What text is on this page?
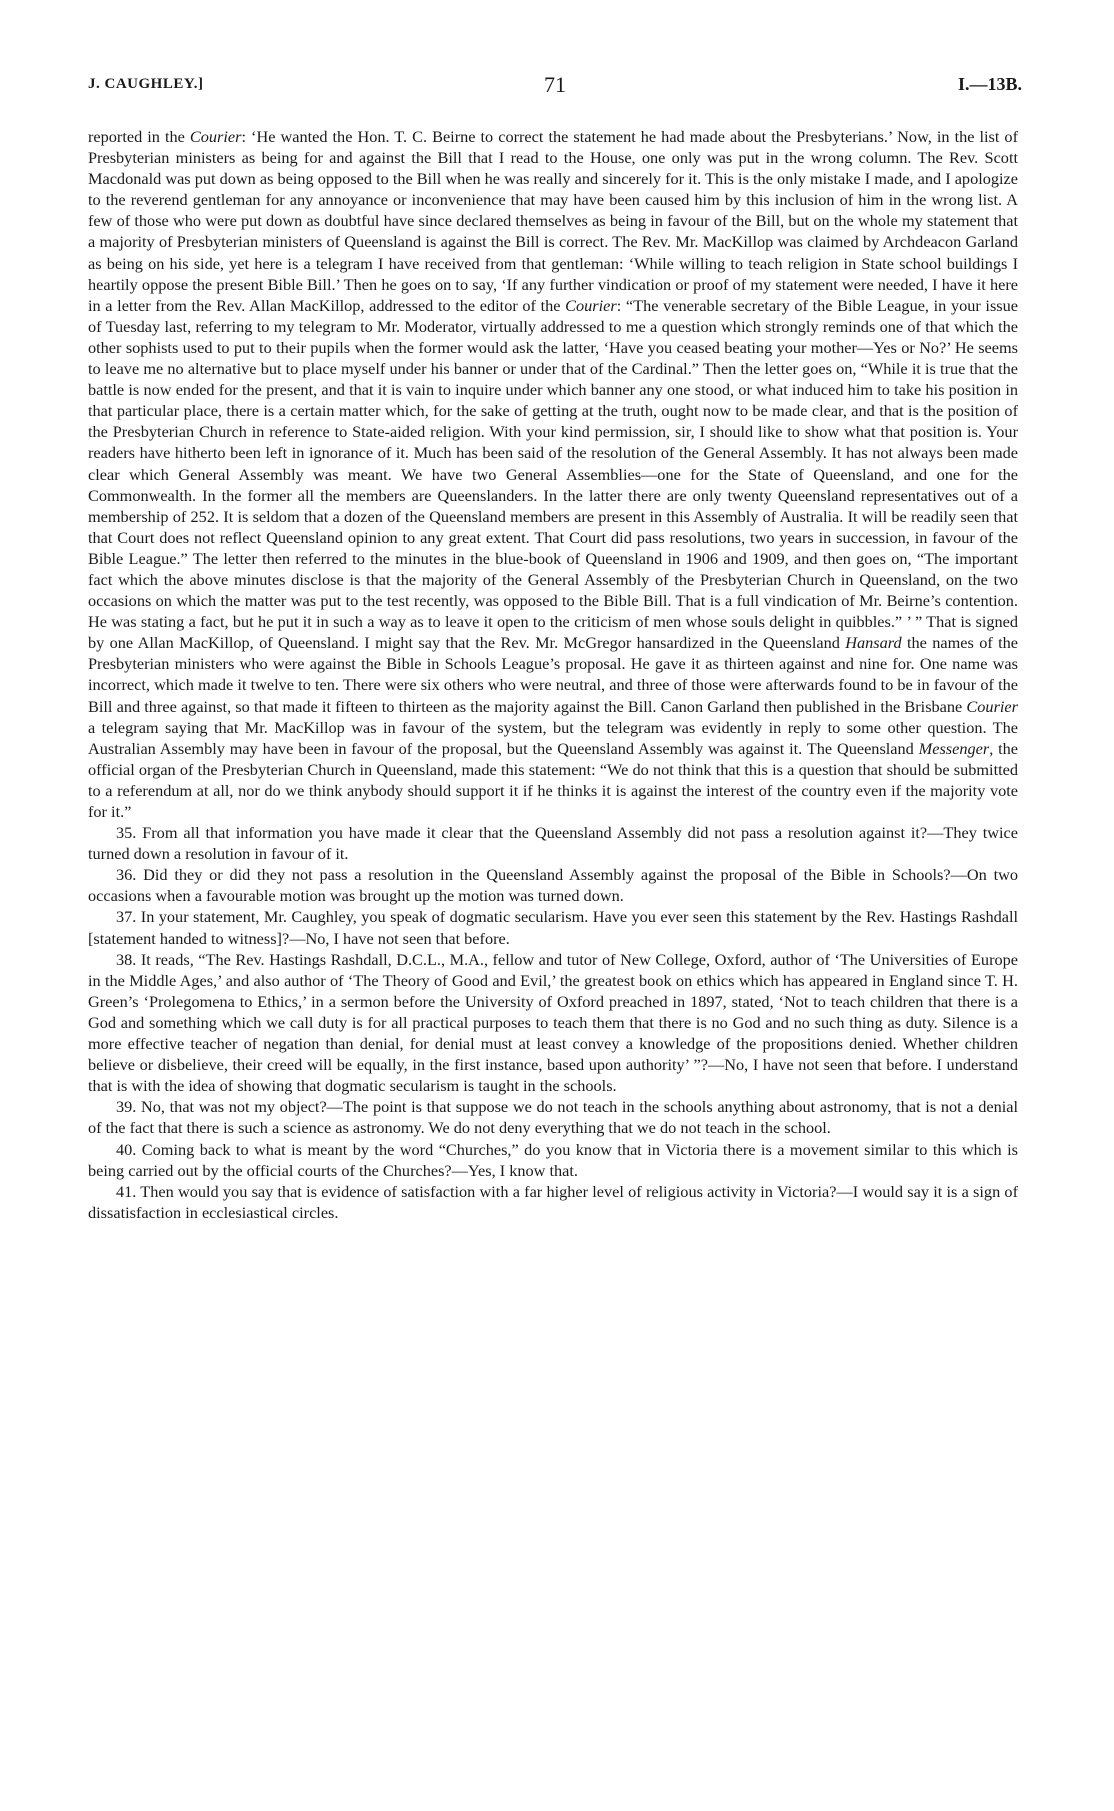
J. CAUGHLEY.]	71	I.—13B.

reported in the Courier: ‘He wanted the Hon. T. C. Beirne to correct the statement he had made about the Presbyterians.’ Now, in the list of Presbyterian ministers as being for and against the Bill that I read to the House, one only was put in the wrong column. The Rev. Scott Macdonald was put down as being opposed to the Bill when he was really and sincerely for it. This is the only mistake I made, and I apologize to the reverend gentleman for any annoyance or inconvenience that may have been caused him by this inclusion of him in the wrong list. A few of those who were put down as doubtful have since declared themselves as being in favour of the Bill, but on the whole my statement that a majority of Presbyterian ministers of Queensland is against the Bill is correct. The Rev. Mr. MacKillop was claimed by Archdeacon Garland as being on his side, yet here is a telegram I have received from that gentleman: ‘While willing to teach religion in State school buildings I heartily oppose the present Bible Bill.’ Then he goes on to say, ‘If any further vindication or proof of my statement were needed, I have it here in a letter from the Rev. Allan MacKillop, addressed to the editor of the Courier: “The venerable secretary of the Bible League, in your issue of Tuesday last, referring to my telegram to Mr. Moderator, virtually addressed to me a question which strongly reminds one of that which the other sophists used to put to their pupils when the former would ask the latter, ‘Have you ceased beating your mother—Yes or No?’ He seems to leave me no alternative but to place myself under his banner or under that of the Cardinal.” Then the letter goes on, “While it is true that the battle is now ended for the present, and that it is vain to inquire under which banner any one stood, or what induced him to take his position in that particular place, there is a certain matter which, for the sake of getting at the truth, ought now to be made clear, and that is the position of the Presbyterian Church in reference to State-aided religion. With your kind permission, sir, I should like to show what that position is. Your readers have hitherto been left in ignorance of it. Much has been said of the resolution of the General Assembly. It has not always been made clear which General Assembly was meant. We have two General Assemblies—one for the State of Queensland, and one for the Commonwealth. In the former all the members are Queenslanders. In the latter there are only twenty Queensland representatives out of a membership of 252. It is seldom that a dozen of the Queensland members are present in this Assembly of Australia. It will be readily seen that that Court does not reflect Queensland opinion to any great extent. That Court did pass resolutions, two years in succession, in favour of the Bible League.” The letter then referred to the minutes in the blue-book of Queensland in 1906 and 1909, and then goes on, “The important fact which the above minutes disclose is that the majority of the General Assembly of the Presbyterian Church in Queensland, on the two occasions on which the matter was put to the test recently, was opposed to the Bible Bill. That is a full vindication of Mr. Beirne’s contention. He was stating a fact, but he put it in such a way as to leave it open to the criticism of men whose souls delight in quibbles.” ’ ” That is signed by one Allan MacKillop, of Queensland. I might say that the Rev. Mr. McGregor hansardized in the Queensland Hansard the names of the Presbyterian ministers who were against the Bible in Schools League’s proposal. He gave it as thirteen against and nine for. One name was incorrect, which made it twelve to ten. There were six others who were neutral, and three of those were afterwards found to be in favour of the Bill and three against, so that made it fifteen to thirteen as the majority against the Bill. Canon Garland then published in the Brisbane Courier a telegram saying that Mr. MacKillop was in favour of the system, but the telegram was evidently in reply to some other question. The Australian Assembly may have been in favour of the proposal, but the Queensland Assembly was against it. The Queensland Messenger, the official organ of the Presbyterian Church in Queensland, made this statement: “We do not think that this is a question that should be submitted to a referendum at all, nor do we think anybody should support it if he thinks it is against the interest of the country even if the majority vote for it.”

35. From all that information you have made it clear that the Queensland Assembly did not pass a resolution against it?—They twice turned down a resolution in favour of it.

36. Did they or did they not pass a resolution in the Queensland Assembly against the proposal of the Bible in Schools?—On two occasions when a favourable motion was brought up the motion was turned down.

37. In your statement, Mr. Caughley, you speak of dogmatic secularism. Have you ever seen this statement by the Rev. Hastings Rashdall [statement handed to witness]?—No, I have not seen that before.

38. It reads, “The Rev. Hastings Rashdall, D.C.L., M.A., fellow and tutor of New College, Oxford, author of ‘The Universities of Europe in the Middle Ages,’ and also author of ‘The Theory of Good and Evil,’ the greatest book on ethics which has appeared in England since T. H. Green’s ‘Prolegomena to Ethics,’ in a sermon before the University of Oxford preached in 1897, stated, ‘Not to teach children that there is a God and something which we call duty is for all practical purposes to teach them that there is no God and no such thing as duty. Silence is a more effective teacher of negation than denial, for denial must at least convey a knowledge of the propositions denied. Whether children believe or disbelieve, their creed will be equally, in the first instance, based upon authority’ ”?—No, I have not seen that before. I understand that is with the idea of showing that dogmatic secularism is taught in the schools.

39. No, that was not my object?—The point is that suppose we do not teach in the schools anything about astronomy, that is not a denial of the fact that there is such a science as astronomy. We do not deny everything that we do not teach in the school.

40. Coming back to what is meant by the word “Churches,” do you know that in Victoria there is a movement similar to this which is being carried out by the official courts of the Churches?—Yes, I know that.

41. Then would you say that is evidence of satisfaction with a far higher level of religious activity in Victoria?—I would say it is a sign of dissatisfaction in ecclesiastical circles.
